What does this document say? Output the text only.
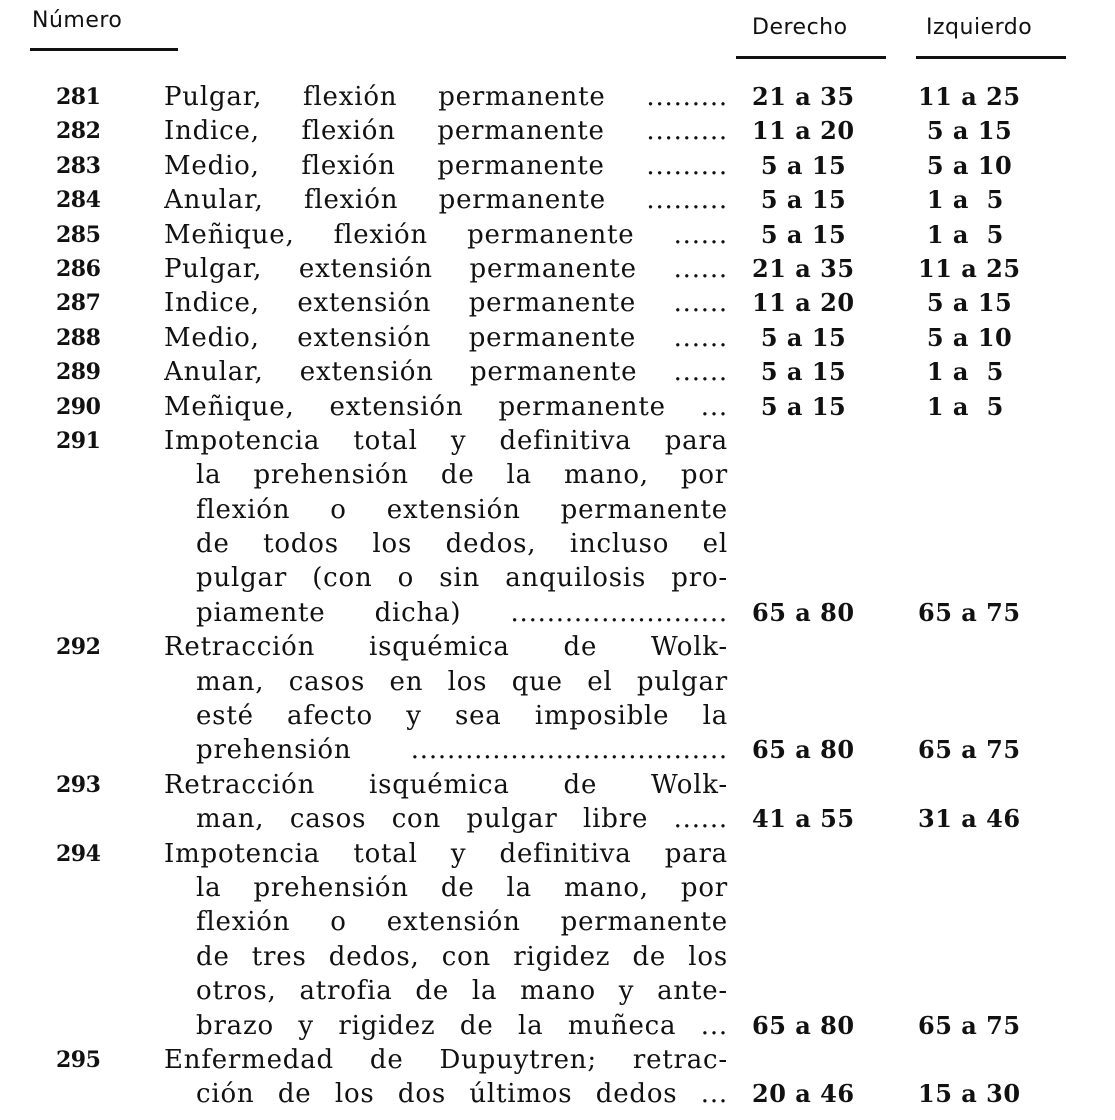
Número	Derecho	Izquierdo
281 Pulgar, flexión permanente ......... 21 a 35	11 a 25
282 Indice, flexión permanente ......... 11 a 20	5 a 15
283 Medio, flexión permanente ......... 5 a 15	5 a 10
284 Anular, flexión permanente ......... 5 a 15	1 a  5
285 Meñique, flexión permanente ...... 5 a 15	1 a  5
286 Pulgar, extensión permanente ...... 21 a 35	11 a 25
287 Indice, extensión permanente ...... 11 a 20	5 a 15
288 Medio, extensión permanente ...... 5 a 15	5 a 10
289 Anular, extensión permanente ...... 5 a 15	1 a  5
290 Meñique, extensión permanente ... 5 a 15	1 a  5
291 Impotencia total y definitiva para
la prehensión de la mano, por
flexión o extensión permanente
de todos los dedos, incluso el
pulgar (con o sin anquilosis pro-
piamente dicha) ........................ 65 a 80	65 a 75
292 Retracción isquémica de Wolk-
man, casos en los que el pulgar
esté afecto y sea imposible la
prehensión ................................... 65 a 80	65 a 75
293 Retracción isquémica de Wolk-
man, casos con pulgar libre ...... 41 a 55	31 a 46
294 Impotencia total y definitiva para
la prehensión de la mano, por
flexión o extensión permanente
de tres dedos, con rigidez de los
otros, atrofia de la mano y ante-
brazo y rigidez de la muñeca ... 65 a 80	65 a 75
295 Enfermedad de Dupuytren; retrac-
ción de los dos últimos dedos ... 20 a 46	15 a 30
